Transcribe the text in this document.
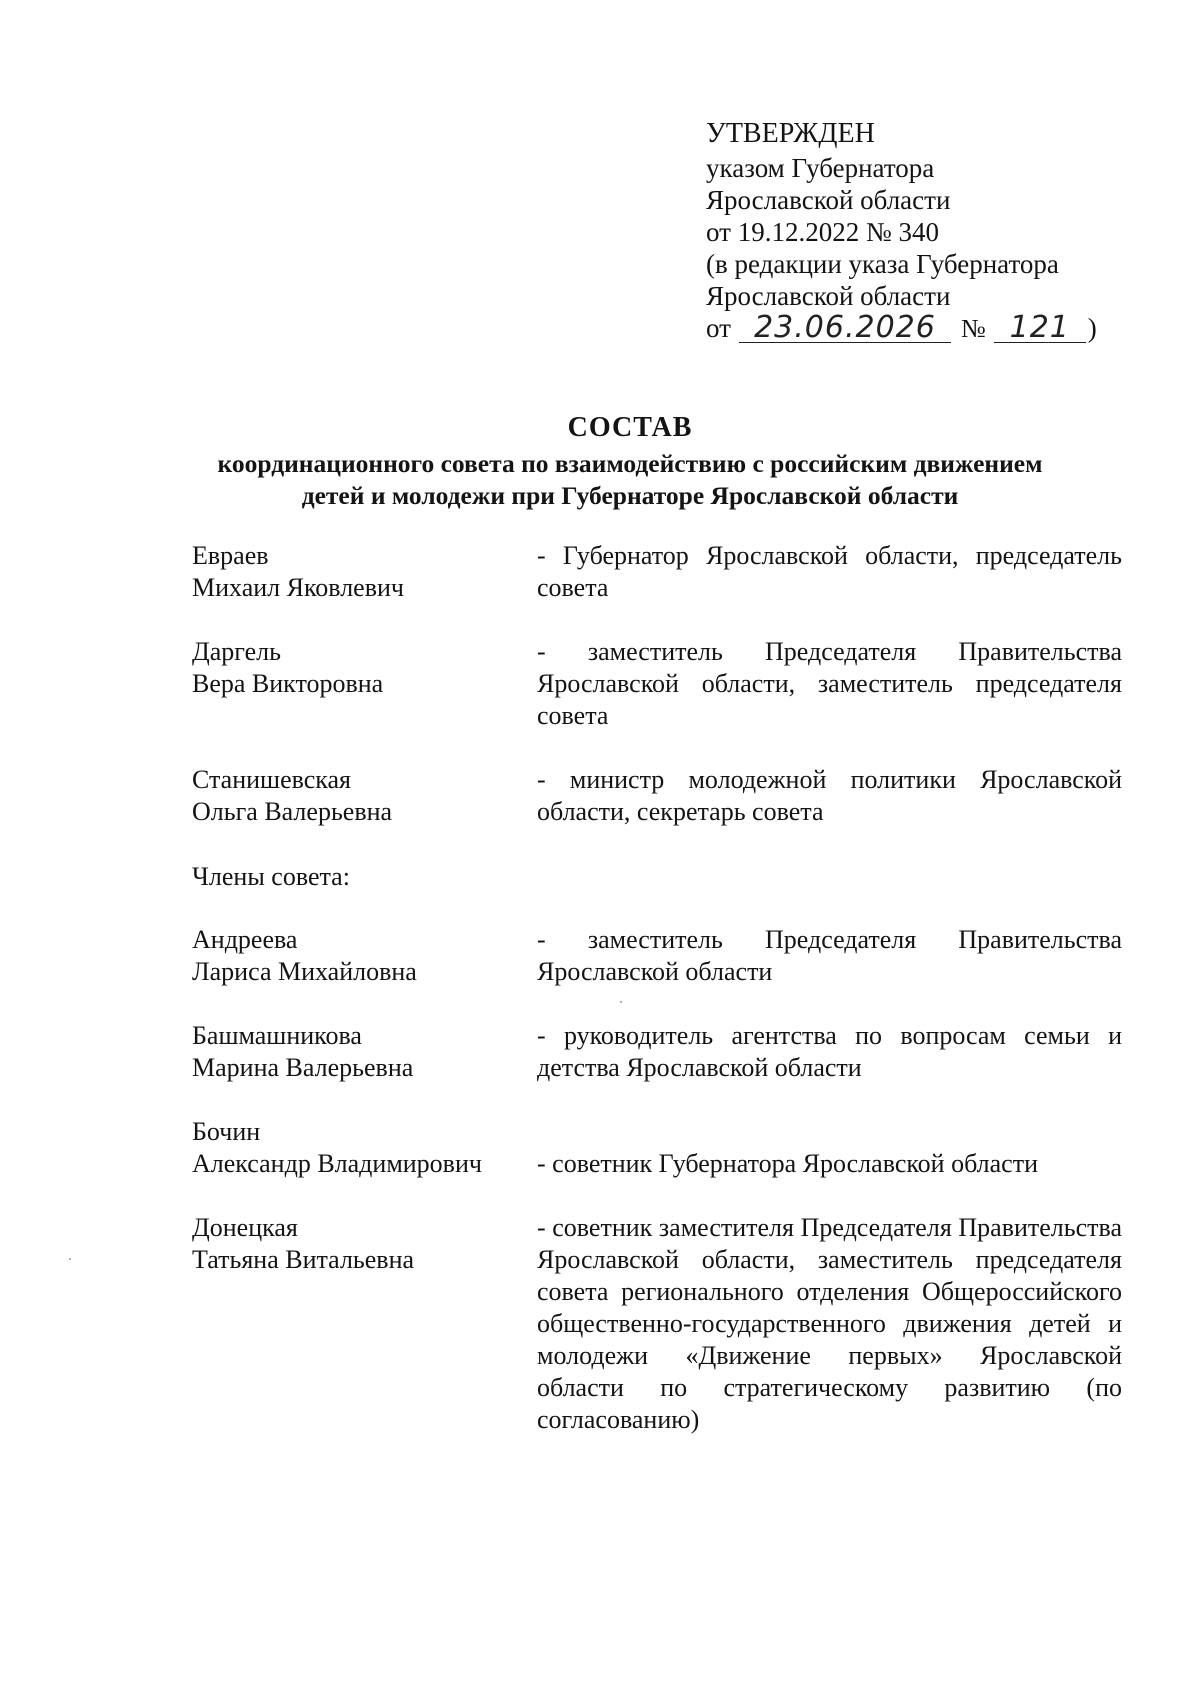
УТВЕРЖДЕН
указом Губернатора
Ярославской области
от 19.12.2022 № 340
(в редакции указа Губернатора
Ярославской области
от 23.06.2026 № 121 )
СОСТАВ
координационного совета по взаимодействию с российским движением
детей и молодежи при Губернаторе Ярославской области
Евраев
Михаил Яковлевич
- Губернатор Ярославской области, председатель совета
Даргель
Вера Викторовна
- заместитель Председателя Правительства Ярославской области, заместитель председателя совета
Станишевская
Ольга Валерьевна
- министр молодежной политики Ярославской области, секретарь совета
Члены совета:
Андреева
Лариса Михайловна
- заместитель Председателя Правительства Ярославской области
Башмашникова
Марина Валерьевна
- руководитель агентства по вопросам семьи и детства Ярославской области
Бочин
Александр Владимирович	- советник Губернатора Ярославской области
Донецкая
Татьяна Витальевна
- советник заместителя Председателя Правительства Ярославской области, заместитель председателя совета регионального отделения Общероссийского общественно-государственного движения детей и молодежи «Движение первых» Ярославской области по стратегическому развитию (по согласованию)
